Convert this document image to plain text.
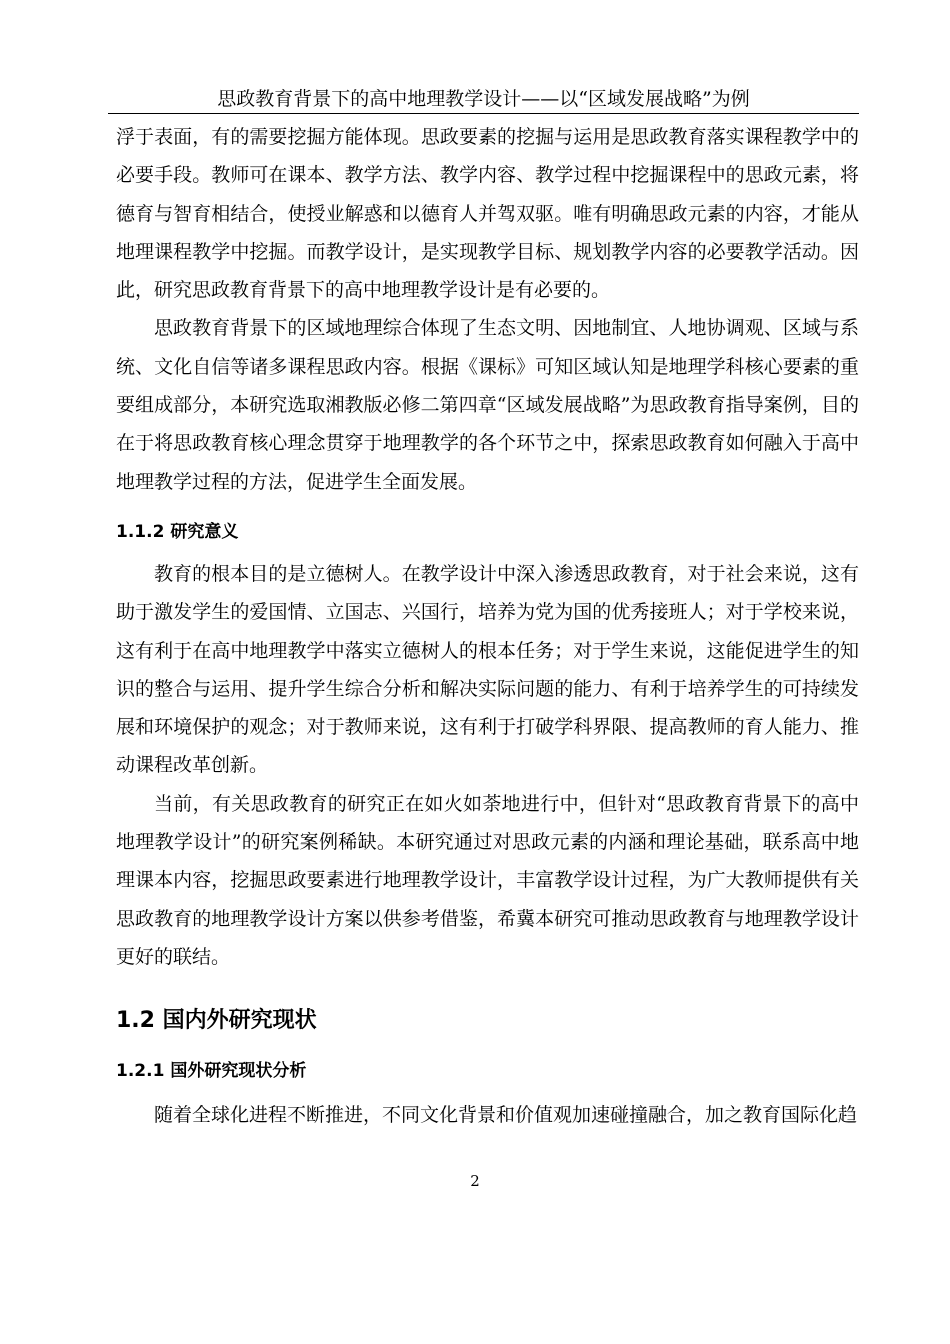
思政教育背景下的高中地理教学设计——以“区域发展战略”为例

浮于表面，有的需要挖掘方能体现。思政要素的挖掘与运用是思政教育落实课程教学中的必要手段。教师可在课本、教学方法、教学内容、教学过程中挖掘课程中的思政元素，将德育与智育相结合，使授业解惑和以德育人并驾双驱。唯有明确思政元素的内容，才能从地理课程教学中挖掘。而教学设计，是实现教学目标、规划教学内容的必要教学活动。因此，研究思政教育背景下的高中地理教学设计是有必要的。

思政教育背景下的区域地理综合体现了生态文明、因地制宜、人地协调观、区域与系统、文化自信等诸多课程思政内容。根据《课标》可知区域认知是地理学科核心要素的重要组成部分，本研究选取湘教版必修二第四章“区域发展战略”为思政教育指导案例，目的在于将思政教育核心理念贯穿于地理教学的各个环节之中，探索思政教育如何融入于高中地理教学过程的方法，促进学生全面发展。

1.1.2 研究意义

教育的根本目的是立德树人。在教学设计中深入渗透思政教育，对于社会来说，这有助于激发学生的爱国情、立国志、兴国行，培养为党为国的优秀接班人；对于学校来说，这有利于在高中地理教学中落实立德树人的根本任务；对于学生来说，这能促进学生的知识的整合与运用、提升学生综合分析和解决实际问题的能力、有利于培养学生的可持续发展和环境保护的观念；对于教师来说，这有利于打破学科界限、提高教师的育人能力、推动课程改革创新。

当前，有关思政教育的研究正在如火如荼地进行中，但针对“思政教育背景下的高中地理教学设计”的研究案例稀缺。本研究通过对思政元素的内涵和理论基础，联系高中地理课本内容，挖掘思政要素进行地理教学设计，丰富教学设计过程，为广大教师提供有关思政教育的地理教学设计方案以供参考借鉴，希冀本研究可推动思政教育与地理教学设计更好的联结。

1.2 国内外研究现状
1.2.1 国外研究现状分析

随着全球化进程不断推进，不同文化背景和价值观加速碰撞融合，加之教育国际化趋

2
